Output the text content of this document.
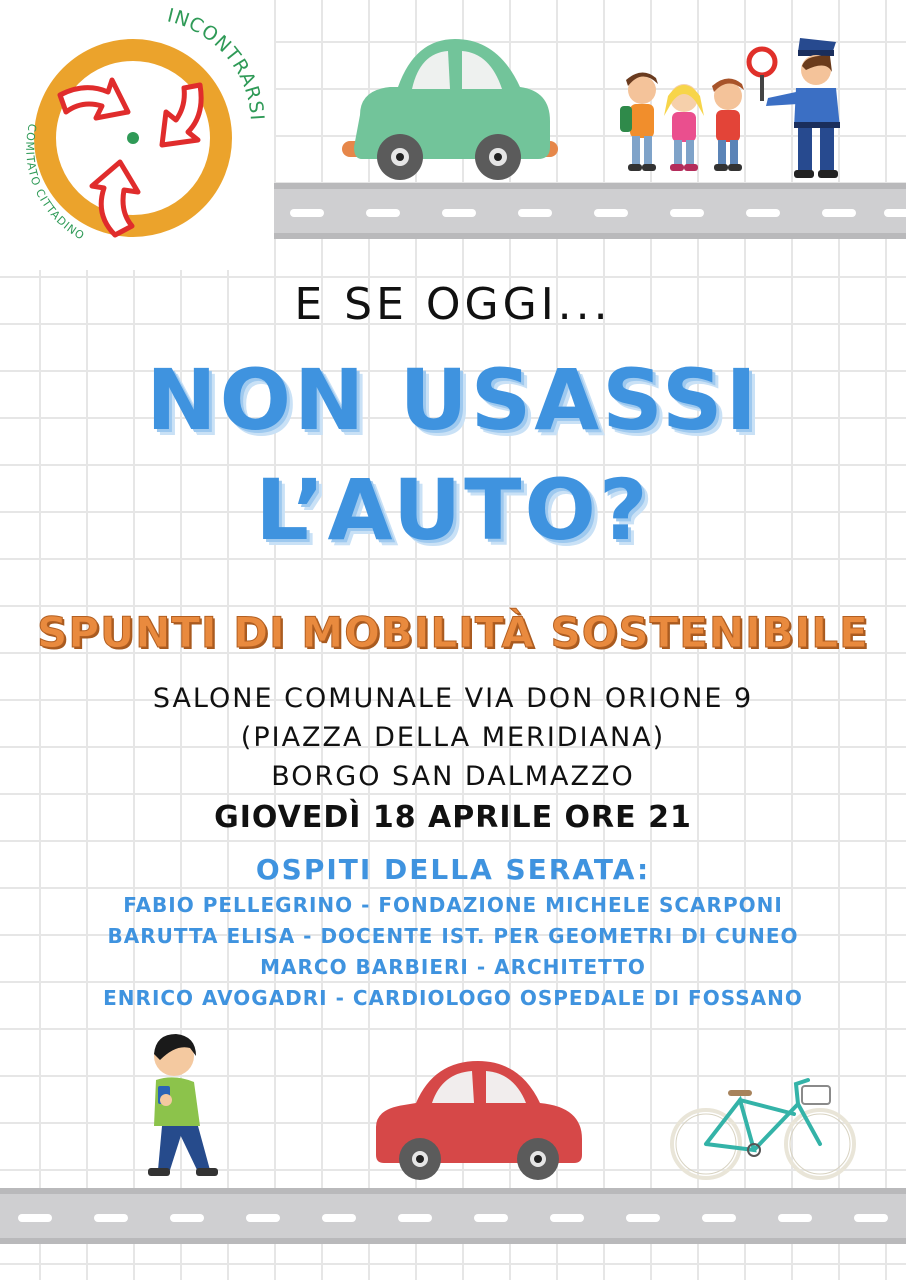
INCONTRARSI
COMITATO CITTADINO
E SE OGGI...
NON USASSI
L’AUTO?
SPUNTI DI MOBILITÀ SOSTENIBILE
SALONE COMUNALE VIA DON ORIONE 9
(PIAZZA DELLA MERIDIANA)
BORGO SAN DALMAZZO
GIOVEDÌ 18 APRILE ORE 21
OSPITI DELLA SERATA:
FABIO PELLEGRINO - FONDAZIONE MICHELE SCARPONI
BARUTTA ELISA - DOCENTE IST. PER GEOMETRI DI CUNEO
MARCO BARBIERI - ARCHITETTO
ENRICO AVOGADRI - CARDIOLOGO OSPEDALE DI FOSSANO
